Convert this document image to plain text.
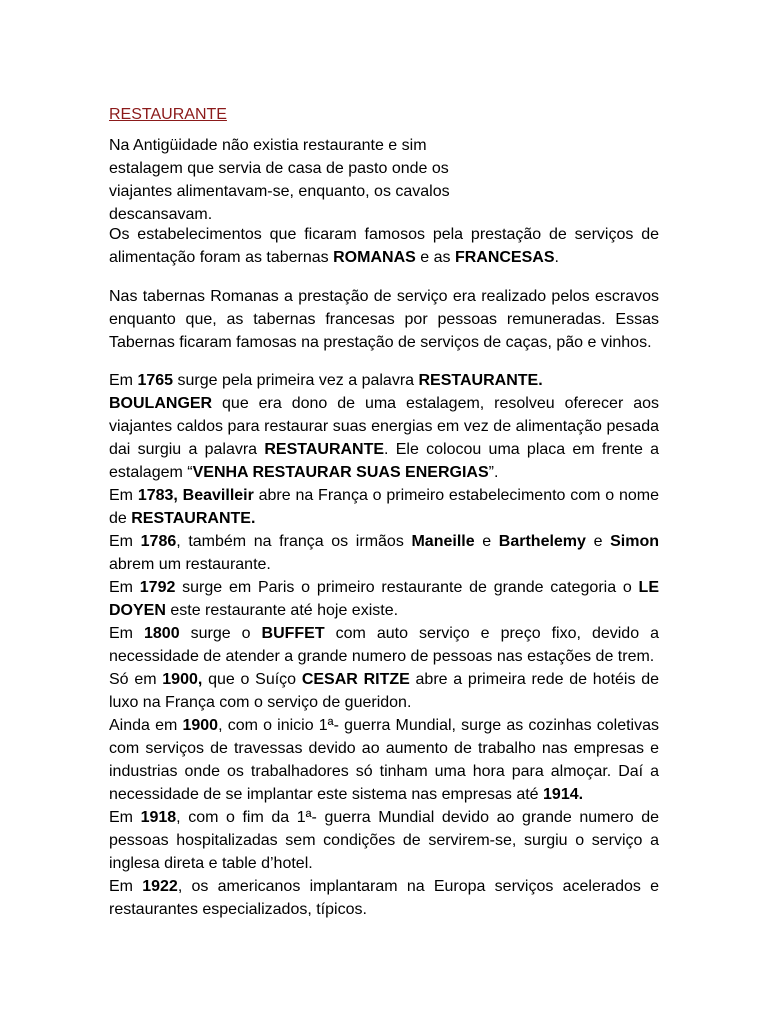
RESTAURANTE

Na Antigüidade não existia restaurante e sim estalagem que servia de casa de pasto onde os viajantes alimentavam-se, enquanto, os cavalos descansavam.

Os estabelecimentos que ficaram famosos pela prestação de serviços de alimentação foram as tabernas ROMANAS e as FRANCESAS.

Nas tabernas Romanas a prestação de serviço era realizado pelos escravos enquanto que, as tabernas francesas por pessoas remuneradas. Essas Tabernas ficaram famosas na prestação de serviços de caças, pão e vinhos.

Em 1765 surge pela primeira vez a palavra RESTAURANTE.

BOULANGER que era dono de uma estalagem, resolveu oferecer aos viajantes caldos para restaurar suas energias em vez de alimentação pesada dai surgiu a palavra RESTAURANTE. Ele colocou uma placa em frente a estalagem “VENHA RESTAURAR SUAS ENERGIAS”.

Em 1783, Beavilleir abre na França o primeiro estabelecimento com o nome de RESTAURANTE.

Em 1786, também na frança os irmãos Maneille e Barthelemy e Simon abrem um restaurante.

Em 1792 surge em Paris o primeiro restaurante de grande categoria o LE DOYEN este restaurante até hoje existe.

Em 1800 surge o BUFFET com auto serviço e preço fixo, devido a necessidade de atender a grande numero de pessoas nas estações de trem.

Só em 1900, que o Suíço CESAR RITZE abre a primeira rede de hotéis de luxo na França com o serviço de gueridon.

Ainda em 1900, com o inicio 1ª- guerra Mundial, surge as cozinhas coletivas com serviços de travessas devido ao aumento de trabalho nas empresas e industrias onde os trabalhadores só tinham uma hora para almoçar. Daí a necessidade de se implantar este sistema nas empresas até 1914.

Em 1918, com o fim da 1ª- guerra Mundial devido ao grande numero de pessoas hospitalizadas sem condições de servirem-se, surgiu o serviço a inglesa direta e table d’hotel.

Em 1922, os americanos implantaram na Europa serviços acelerados e restaurantes especializados, típicos.
